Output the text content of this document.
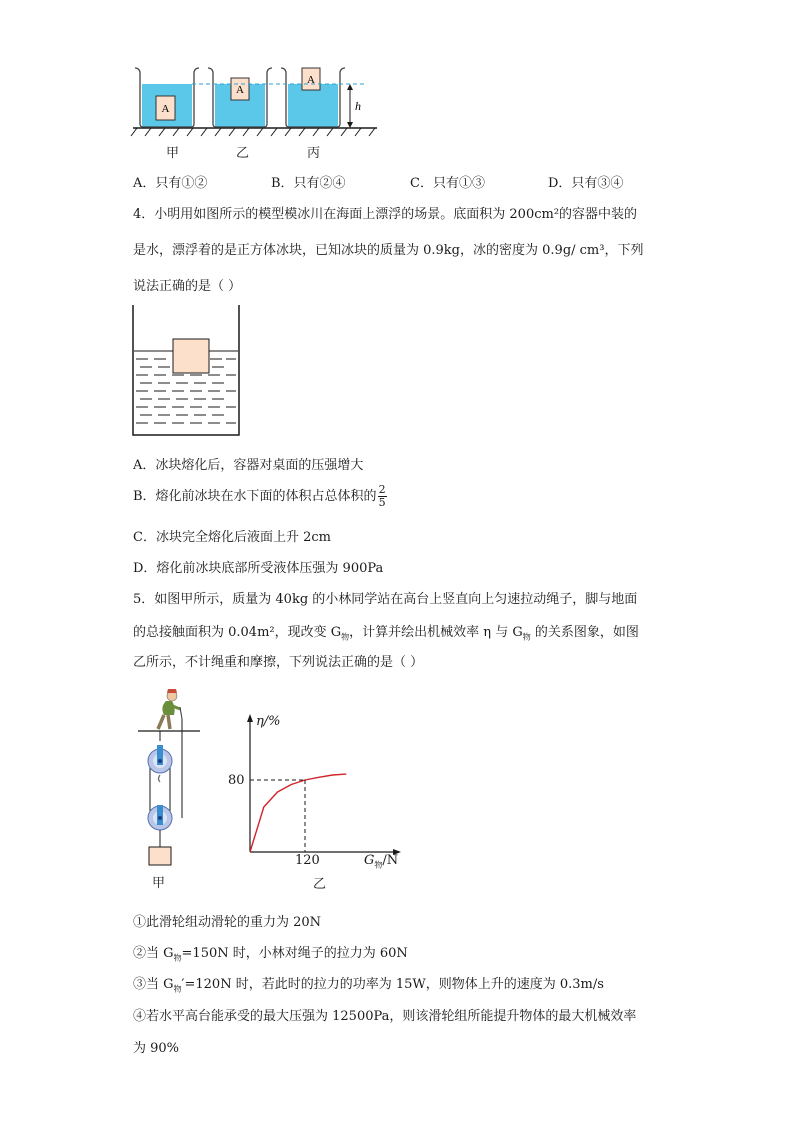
A
A
A
h
甲	乙	丙
A．只有①②	B．只有②④	C．只有①③	D．只有③④
4．小明用如图所示的模型模冰川在海面上漂浮的场景。底面积为 200cm²的容器中装的
是水，漂浮着的是正方体冰块，已知冰块的质量为 0.9kg，冰的密度为 0.9g/ cm³，下列
说法正确的是（ ）
A．冰块熔化后，容器对桌面的压强增大
B．熔化前冰块在水下面的体积占总体积的 $\frac{2}{5}$
C．冰块完全熔化后液面上升 2cm
D．熔化前冰块底部所受液体压强为 900Pa
5．如图甲所示，质量为 40kg 的小林同学站在高台上竖直向上匀速拉动绳子，脚与地面
的总接触面积为 0.04m²，现改变 $G_物$，计算并绘出机械效率 η 与 $G_物$ 的关系图象，如图
乙所示，不计绳重和摩擦，下列说法正确的是（ ）
甲
η/%
$G_物/N$
80
120
乙
①此滑轮组动滑轮的重力为 20N
②当 $G_物=150N$ 时，小林对绳子的拉力为 60N
③当 $G_物'=120N$ 时，若此时的拉力的功率为 15W，则物体上升的速度为 0.3m/s
④若水平高台能承受的最大压强为 12500Pa，则该滑轮组所能提升物体的最大机械效率
为 90%
